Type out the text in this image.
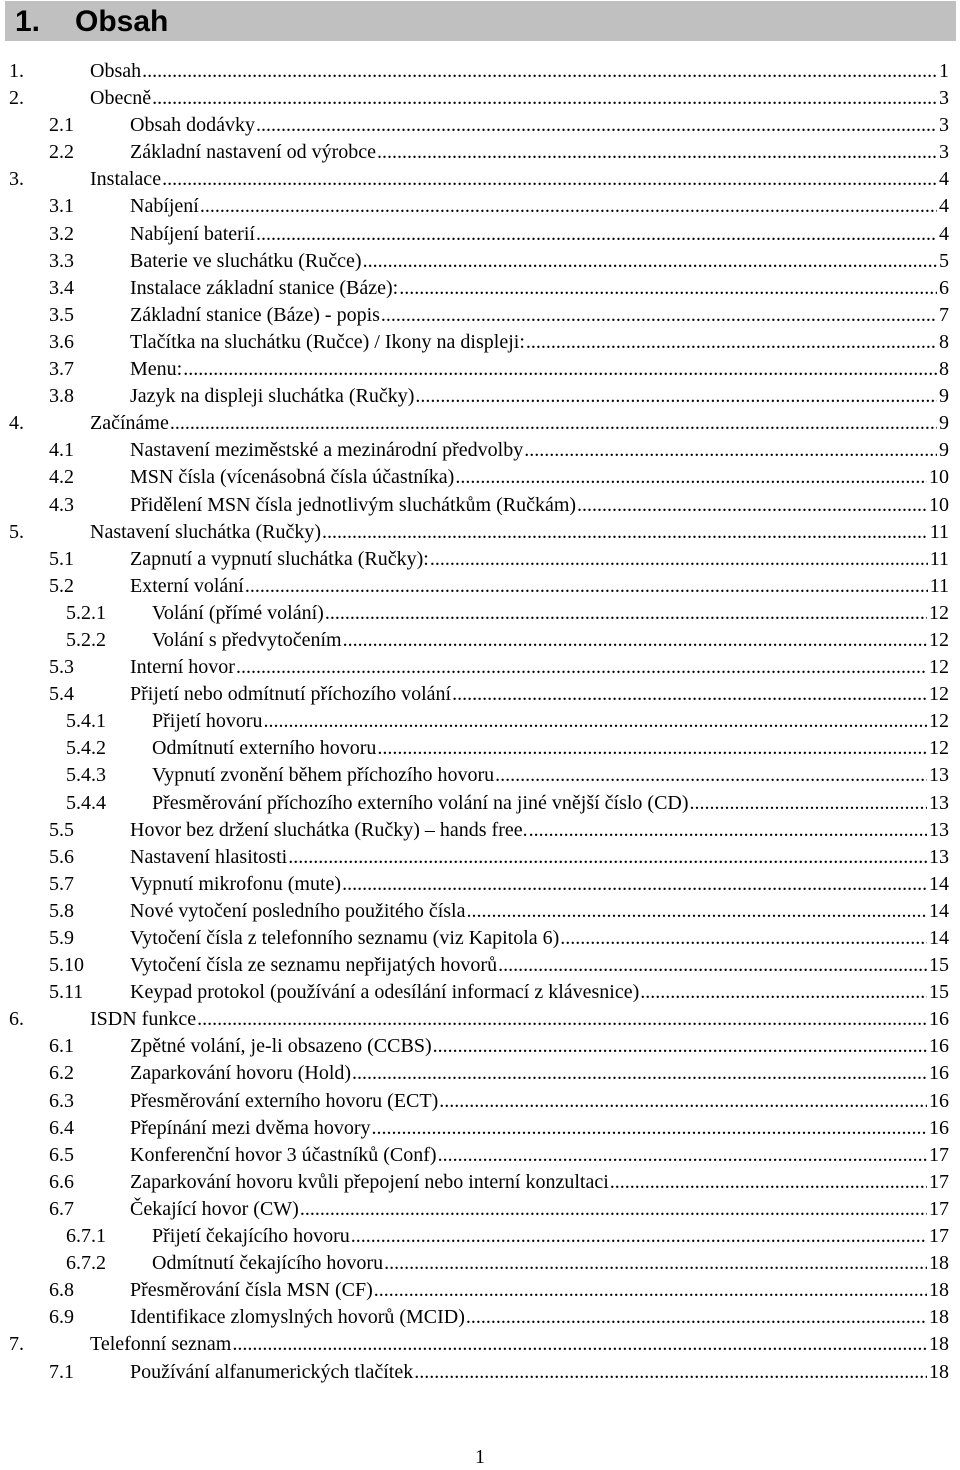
1. Obsah
1.	Obsah .....	1
2.	Obecně .....	3
2.1	Obsah dodávky .....	3
2.2	Základní nastavení od výrobce .....	3
3.	Instalace .....	4
3.1	Nabíjení .....	4
3.2	Nabíjení baterií .....	4
3.3	Baterie ve sluchátku (Ručce) .....	5
3.4	Instalace základní stanice (Báze): .....	6
3.5	Základní stanice (Báze) - popis .....	7
3.6	Tlačítka na sluchátku (Ručce) / Ikony na displeji: .....	8
3.7	Menu: .....	8
3.8	Jazyk na displeji sluchátka (Ručky) .....	9
4.	Začínáme .....	9
4.1	Nastavení meziměstské a mezinárodní předvolby .....	9
4.2	MSN čísla (vícenásobná čísla účastníka) .....	10
4.3	Přidělení MSN čísla jednotlivým sluchátkům (Ručkám) .....	10
5.	Nastavení sluchátka (Ručky) .....	11
5.1	Zapnutí a vypnutí sluchátka (Ručky): .....	11
5.2	Externí volání .....	11
5.2.1 Volání (přímé volání) .....	12
5.2.2 Volání s předvytočením .....	12
5.3	Interní hovor .....	12
5.4	Přijetí nebo odmítnutí příchozího volání .....	12
5.4.1 Přijetí hovoru .....	12
5.4.2 Odmítnutí externího hovoru .....	12
5.4.3 Vypnutí zvonění během příchozího hovoru .....	13
5.4.4 Přesměrování příchozího externího volání na jiné vnější číslo (CD) .....	13
5.5	Hovor bez držení sluchátka (Ručky) – hands free. .....	13
5.6	Nastavení hlasitosti .....	13
5.7	Vypnutí mikrofonu (mute) .....	14
5.8	Nové vytočení posledního použitého čísla .....	14
5.9	Vytočení čísla z telefonního seznamu (viz Kapitola 6) .....	14
5.10 Vytočení čísla ze seznamu nepřijatých hovorů .....	15
5.11 Keypad protokol (používání a odesílání informací z klávesnice) .....	15
6.	ISDN funkce .....	16
6.1	Zpětné volání, je-li obsazeno (CCBS) .....	16
6.2	Zaparkování hovoru (Hold) .....	16
6.3	Přesměrování externího hovoru (ECT) .....	16
6.4	Přepínání mezi dvěma hovory .....	16
6.5	Konferenční hovor 3 účastníků (Conf) .....	17
6.6	Zaparkování hovoru kvůli přepojení nebo interní konzultaci .....	17
6.7	Čekající hovor (CW) .....	17
6.7.1 Přijetí čekajícího hovoru .....	17
6.7.2 Odmítnutí čekajícího hovoru .....	18
6.8	Přesměrování čísla MSN (CF) .....	18
6.9	Identifikace zlomyslných hovorů (MCID) .....	18
7.	Telefonní seznam .....	18
7.1	Používání alfanumerických tlačítek .....	18
1
